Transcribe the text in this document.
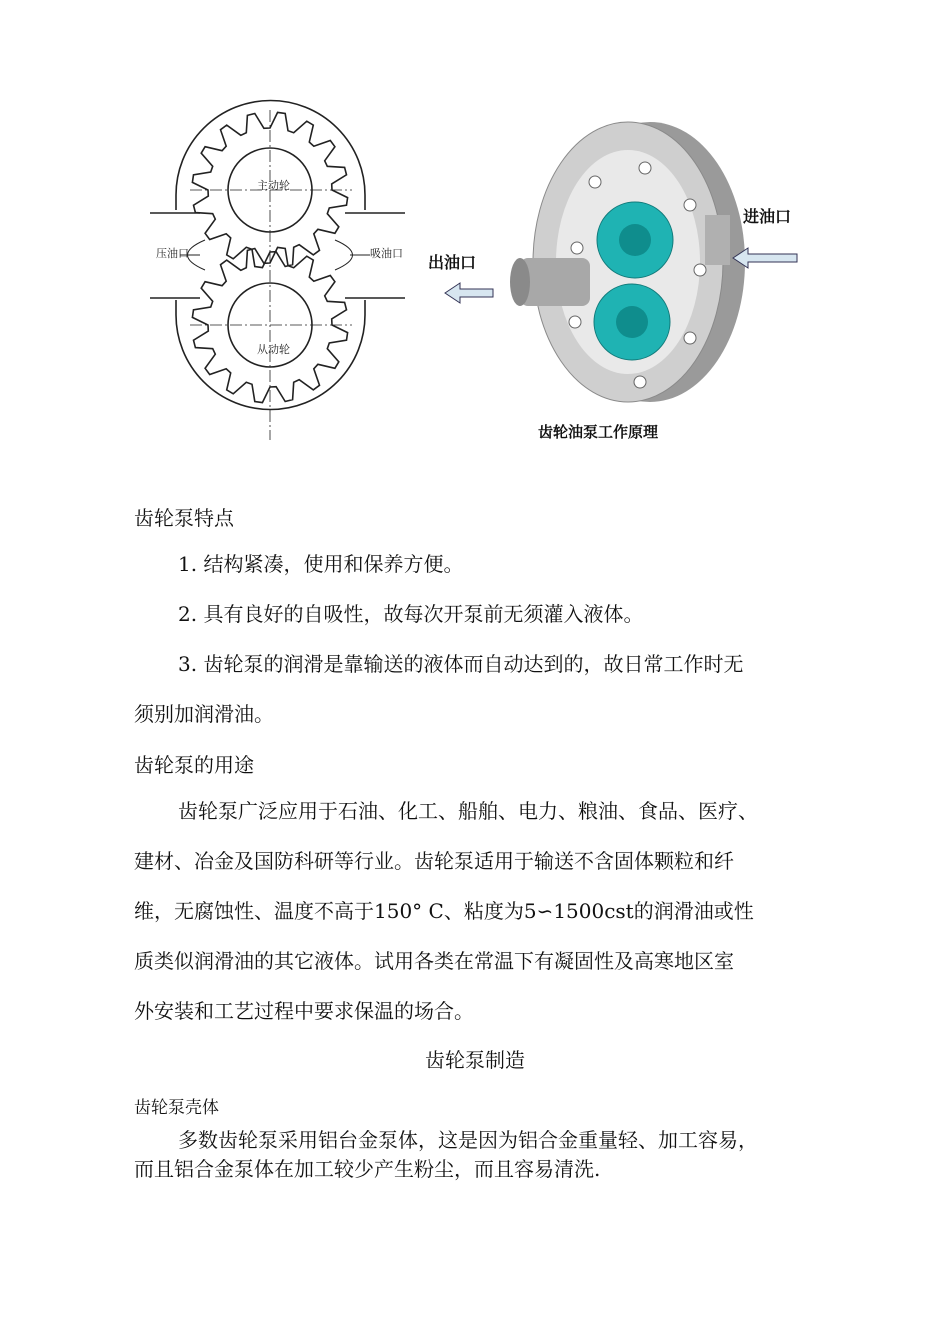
主动轮
从动轮
压油口	吸油口 出油口
进油口
齿轮油泵工作原理
齿轮泵特点
1. 结构紧凑，使用和保养方便。
2. 具有良好的自吸性，故每次开泵前无须灌入液体。
3. 齿轮泵的润滑是靠输送的液体而自动达到的，故日常工作时无
须别加润滑油。
齿轮泵的用途
齿轮泵广泛应用于石油、化工、船舶、电力、粮油、食品、医疗、
建材、冶金及国防科研等行业。齿轮泵适用于输送不含固体颗粒和纤
维，无腐蚀性、温度不高于150° C、粘度为5∽1500cst的润滑油或性
质类似润滑油的其它液体。试用各类在常温下有凝固性及高寒地区室
外安装和工艺过程中要求保温的场合。
齿轮泵制造
齿轮泵壳体
多数齿轮泵采用铝台金泵体，这是因为铝合金重量轻、加工容易，
而且铝合金泵体在加工较少产生粉尘，而且容易清洗.
